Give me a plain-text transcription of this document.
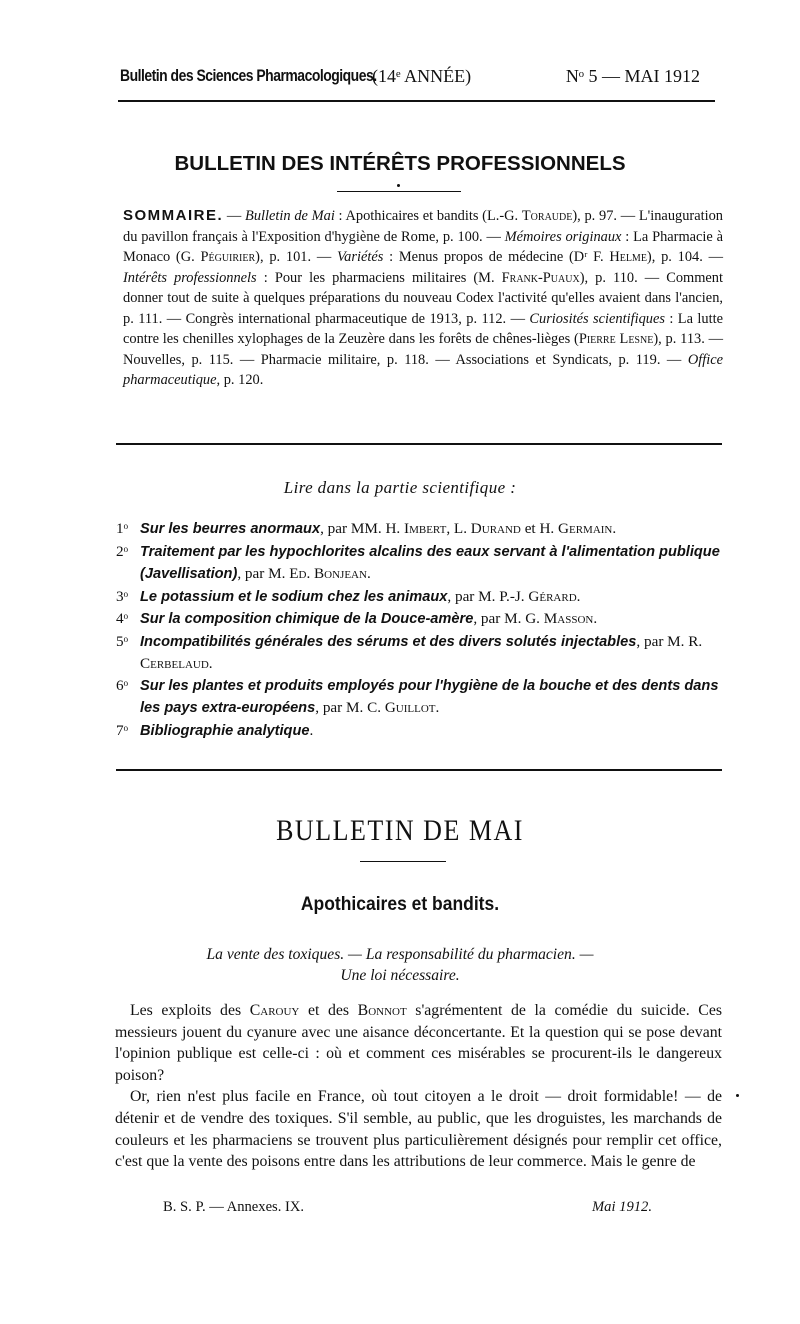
Bulletin des Sciences Pharmacologiques.
(14ᵉ ANNÉE)	Nᵒ 5 — MAI 1912
BULLETIN DES INTÉRÊTS PROFESSIONNELS
SOMMAIRE. — Bulletin de Mai : Apothicaires et bandits (L.-G. Toraude), p. 97. — L'inauguration du pavillon français à l'Exposition d'hygiène de Rome, p. 100. — Mémoires originaux : La Pharmacie à Monaco (G. Péguirier), p. 101. — Variétés : Menus propos de médecine (Dʳ F. Helme), p. 104. — Intérêts professionnels : Pour les pharmaciens militaires (M. Frank-Puaux), p. 110. — Comment donner tout de suite à quelques préparations du nouveau Codex l'activité qu'elles avaient dans l'ancien, p. 111. — Congrès international pharmaceutique de 1913, p. 112. — Curiosités scientifiques : La lutte contre les chenilles xylophages de la Zeuzère dans les forêts de chênes-lièges (Pierre Lesne), p. 113. — Nouvelles, p. 115. — Pharmacie militaire, p. 118. — Associations et Syndicats, p. 119. — Office pharmaceutique, p. 120.
Lire dans la partie scientifique :
1ᵒ Sur les beurres anormaux, par MM. H. Imbert, L. Durand et H. Germain.
2ᵒ Traitement par les hypochlorites alcalins des eaux servant à l'alimentation publique (Javellisation), par M. Ed. Bonjean.
3ᵒ Le potassium et le sodium chez les animaux, par M. P.-J. Gérard.
4ᵒ Sur la composition chimique de la Douce-amère, par M. G. Masson.
5ᵒ Incompatibilités générales des sérums et des divers solutés injectables, par M. R. Cerbelaud.
6ᵒ Sur les plantes et produits employés pour l'hygiène de la bouche et des dents dans les pays extra-européens, par M. C. Guillot.
7ᵒ Bibliographie analytique.
BULLETIN DE MAI
Apothicaires et bandits.
La vente des toxiques. — La responsabilité du pharmacien. —
Une loi nécessaire.

Les exploits des Carouy et des Bonnot s'agrémentent de la comédie du suicide. Ces messieurs jouent du cyanure avec une aisance déconcertante. Et la question qui se pose devant l'opinion publique est celle-ci : où et comment ces misérables se procurent-ils le dangereux poison?

Or, rien n'est plus facile en France, où tout citoyen a le droit — droit formidable! — de détenir et de vendre des toxiques. S'il semble, au public, que les droguistes, les marchands de couleurs et les pharmaciens se trouvent plus particulièrement désignés pour remplir cet office, c'est que la vente des poisons entre dans les attributions de leur commerce. Mais le genre de

B. S. P. — Annexes. IX.	Mai 1912.
